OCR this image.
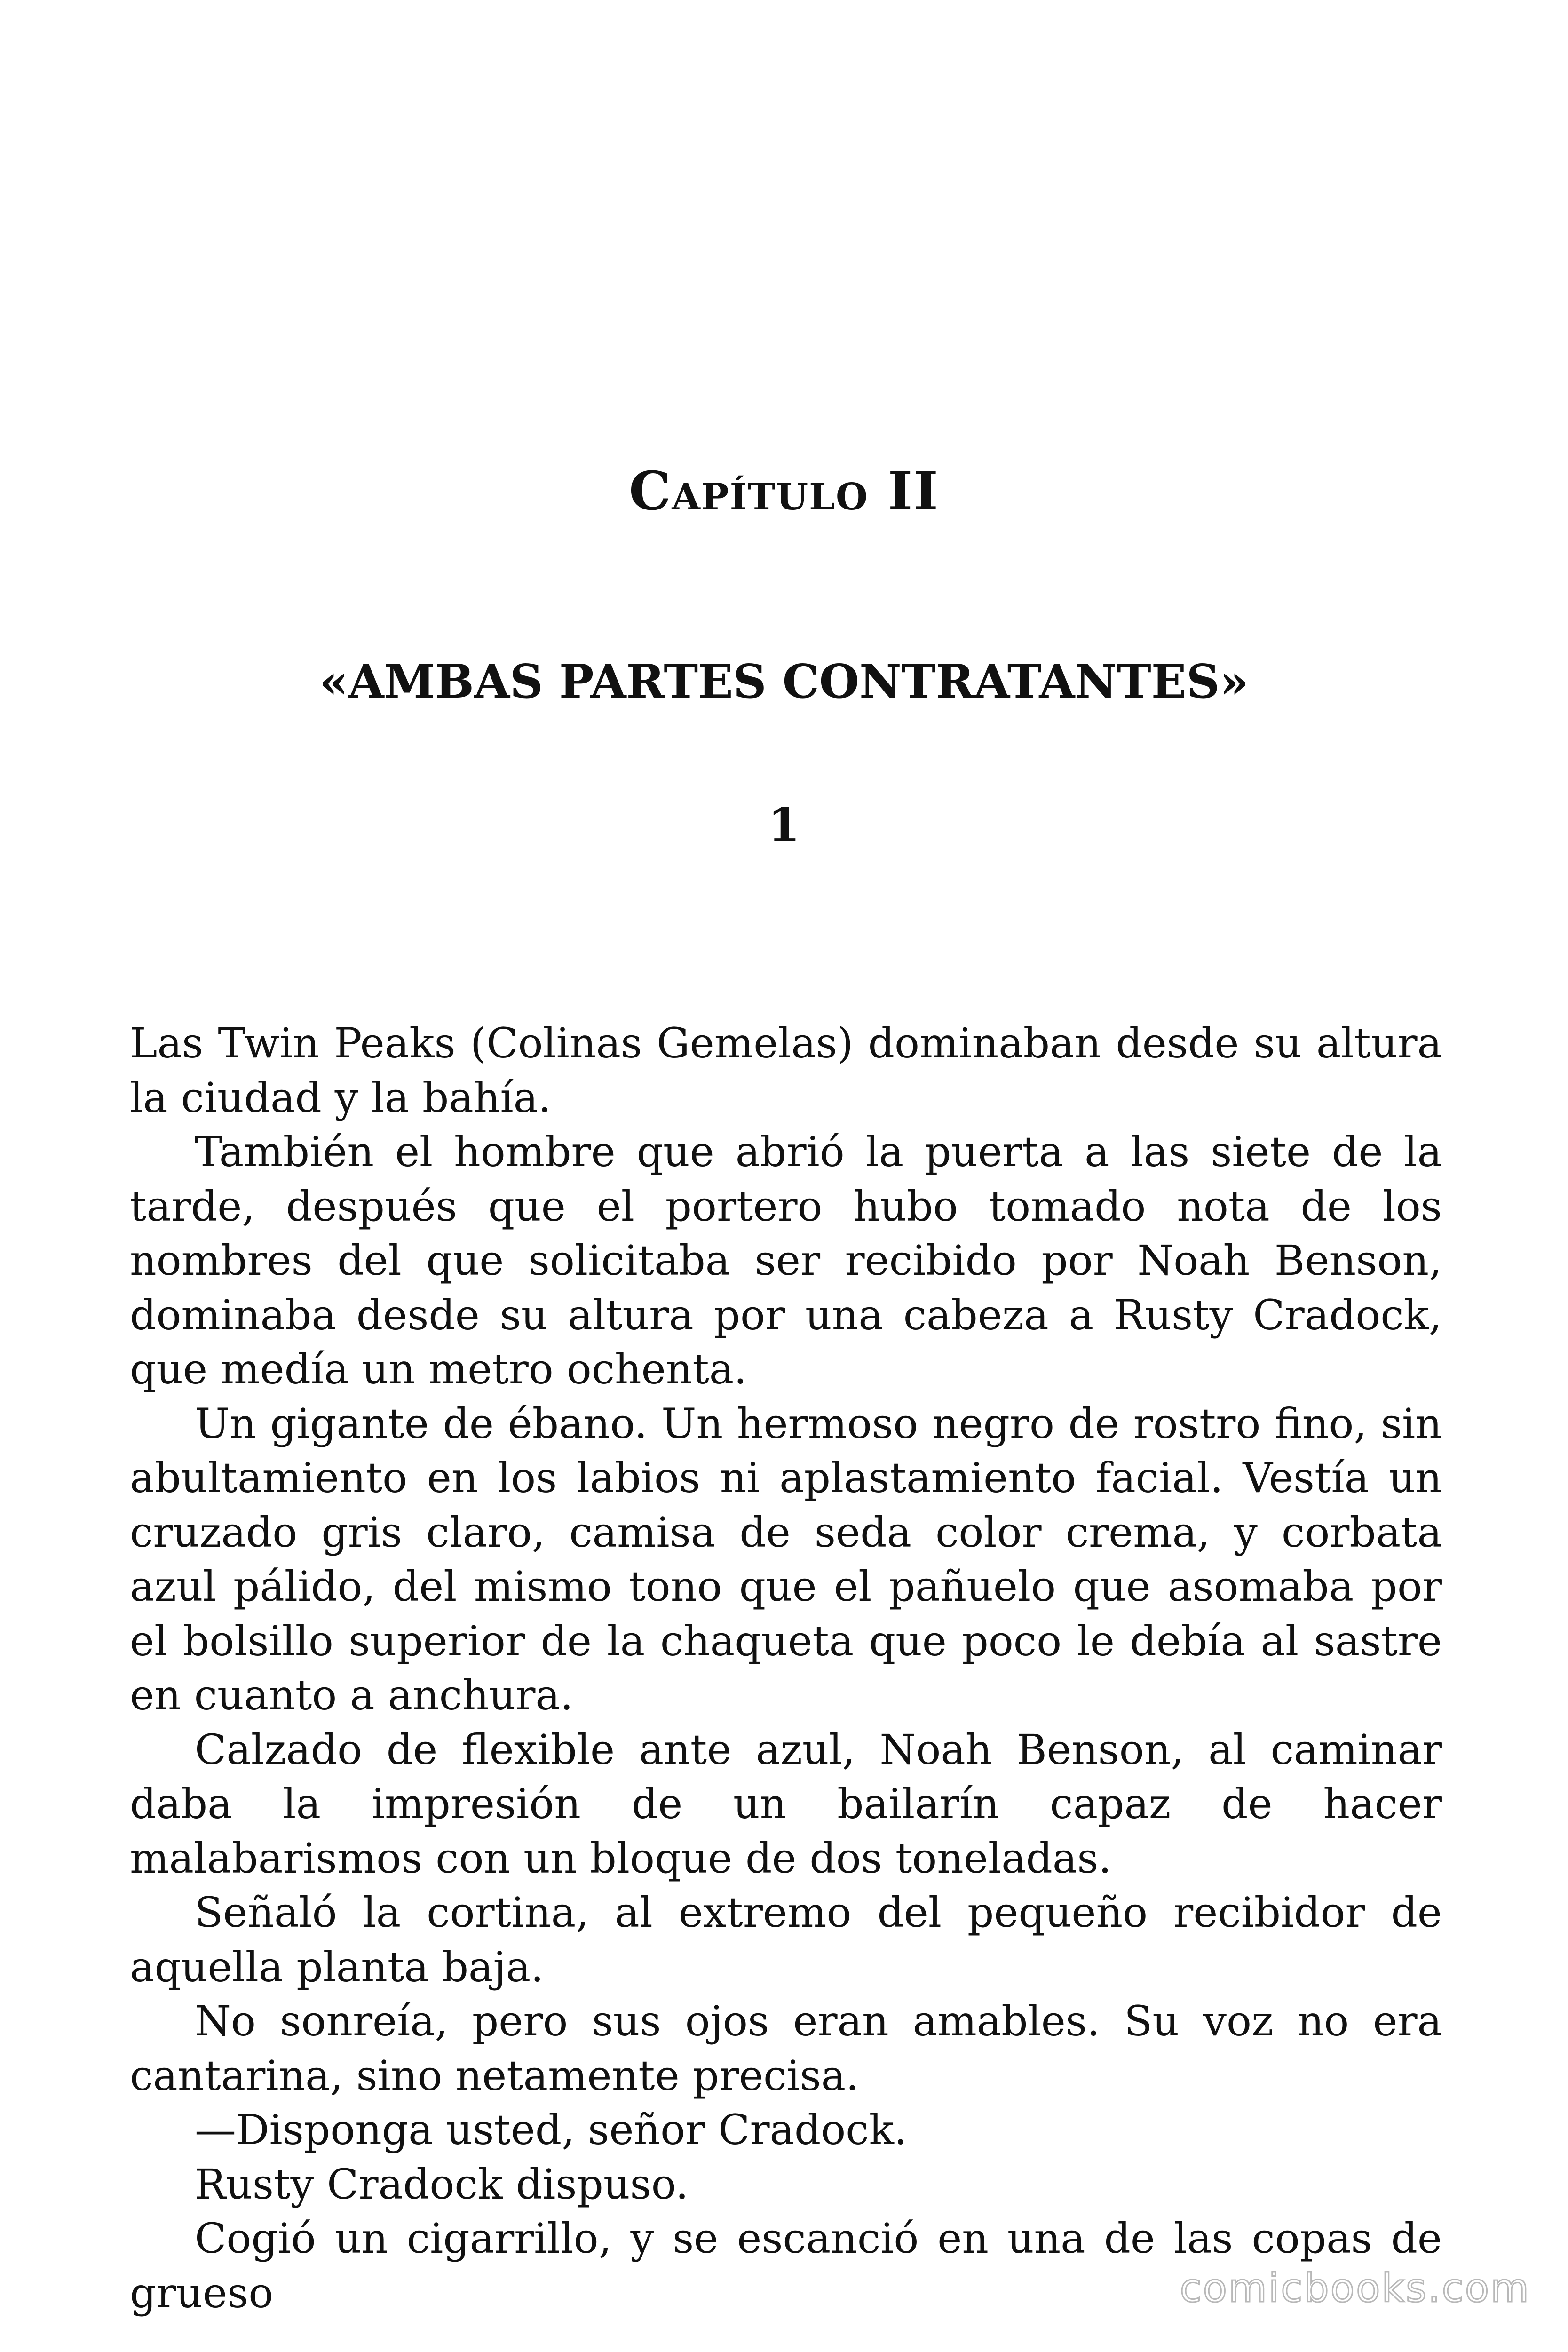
Capítulo II
«AMBAS PARTES CONTRATANTES»
1

Las Twin Peaks (Colinas Gemelas) dominaban desde su altura la ciudad y la bahía.

También el hombre que abrió la puerta a las siete de la tarde, después que el portero hubo tomado nota de los nombres del que solicitaba ser recibido por Noah Benson, dominaba desde su altura por una cabeza a Rusty Cradock, que medía un metro ochenta.

Un gigante de ébano. Un hermoso negro de rostro fino, sin abultamiento en los labios ni aplastamiento facial. Vestía un cruzado gris claro, camisa de seda color crema, y corbata azul pálido, del mismo tono que el pañuelo que asomaba por el bolsillo superior de la chaqueta que poco le debía al sastre en cuanto a anchura.

Calzado de flexible ante azul, Noah Benson, al caminar daba la impresión de un bailarín capaz de hacer malabarismos con un bloque de dos toneladas.

Señaló la cortina, al extremo del pequeño recibidor de aquella planta baja.

No sonreía, pero sus ojos eran amables. Su voz no era cantarina, sino netamente precisa.

—Disponga usted, señor Cradock.

Rusty Cradock dispuso.

Cogió un cigarrillo, y se escanció en una de las copas de grueso	comicbooks.com
